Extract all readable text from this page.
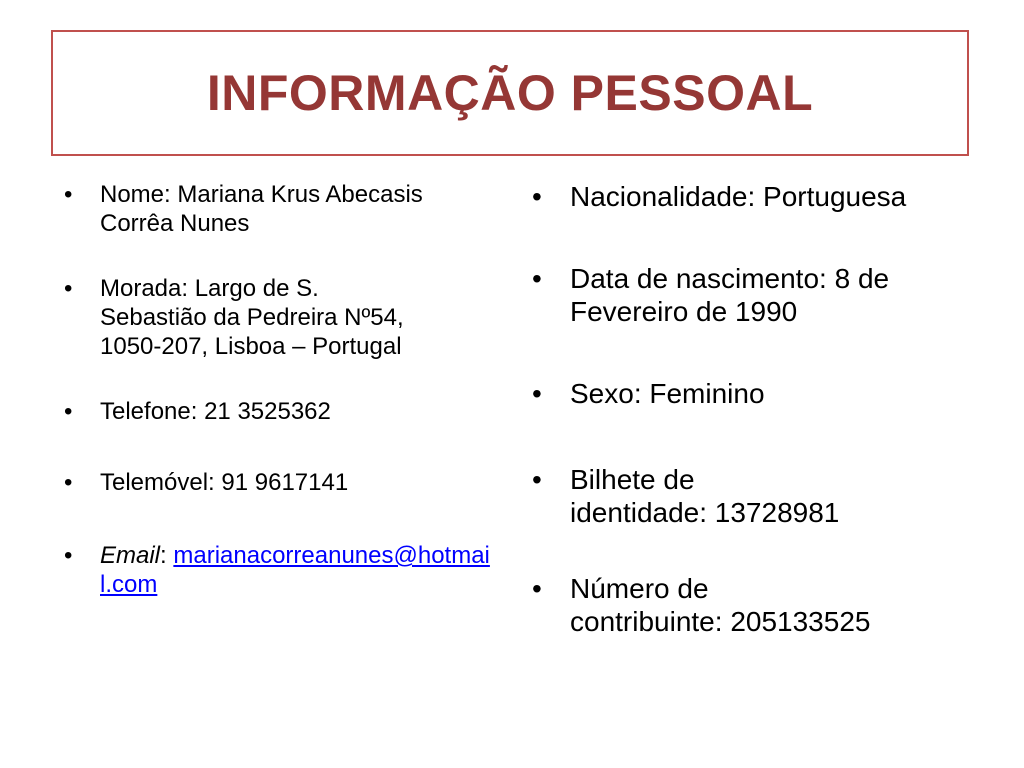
INFORMAÇÃO PESSOAL
• Nome: Mariana Krus Abecasis Corrêa Nunes
• Morada: Largo de S.
Sebastião da Pedreira Nº54,
1050-207, Lisboa – Portugal
• Telefone: 21 3525362
• Telemóvel: 91 9617141
• Email: marianacorreanunes@hotmail.com
• Nacionalidade: Portuguesa
• Data de nascimento: 8 de Fevereiro de 1990
• Sexo: Feminino
• Bilhete de
identidade: 13728981
• Número de
contribuinte: 205133525
